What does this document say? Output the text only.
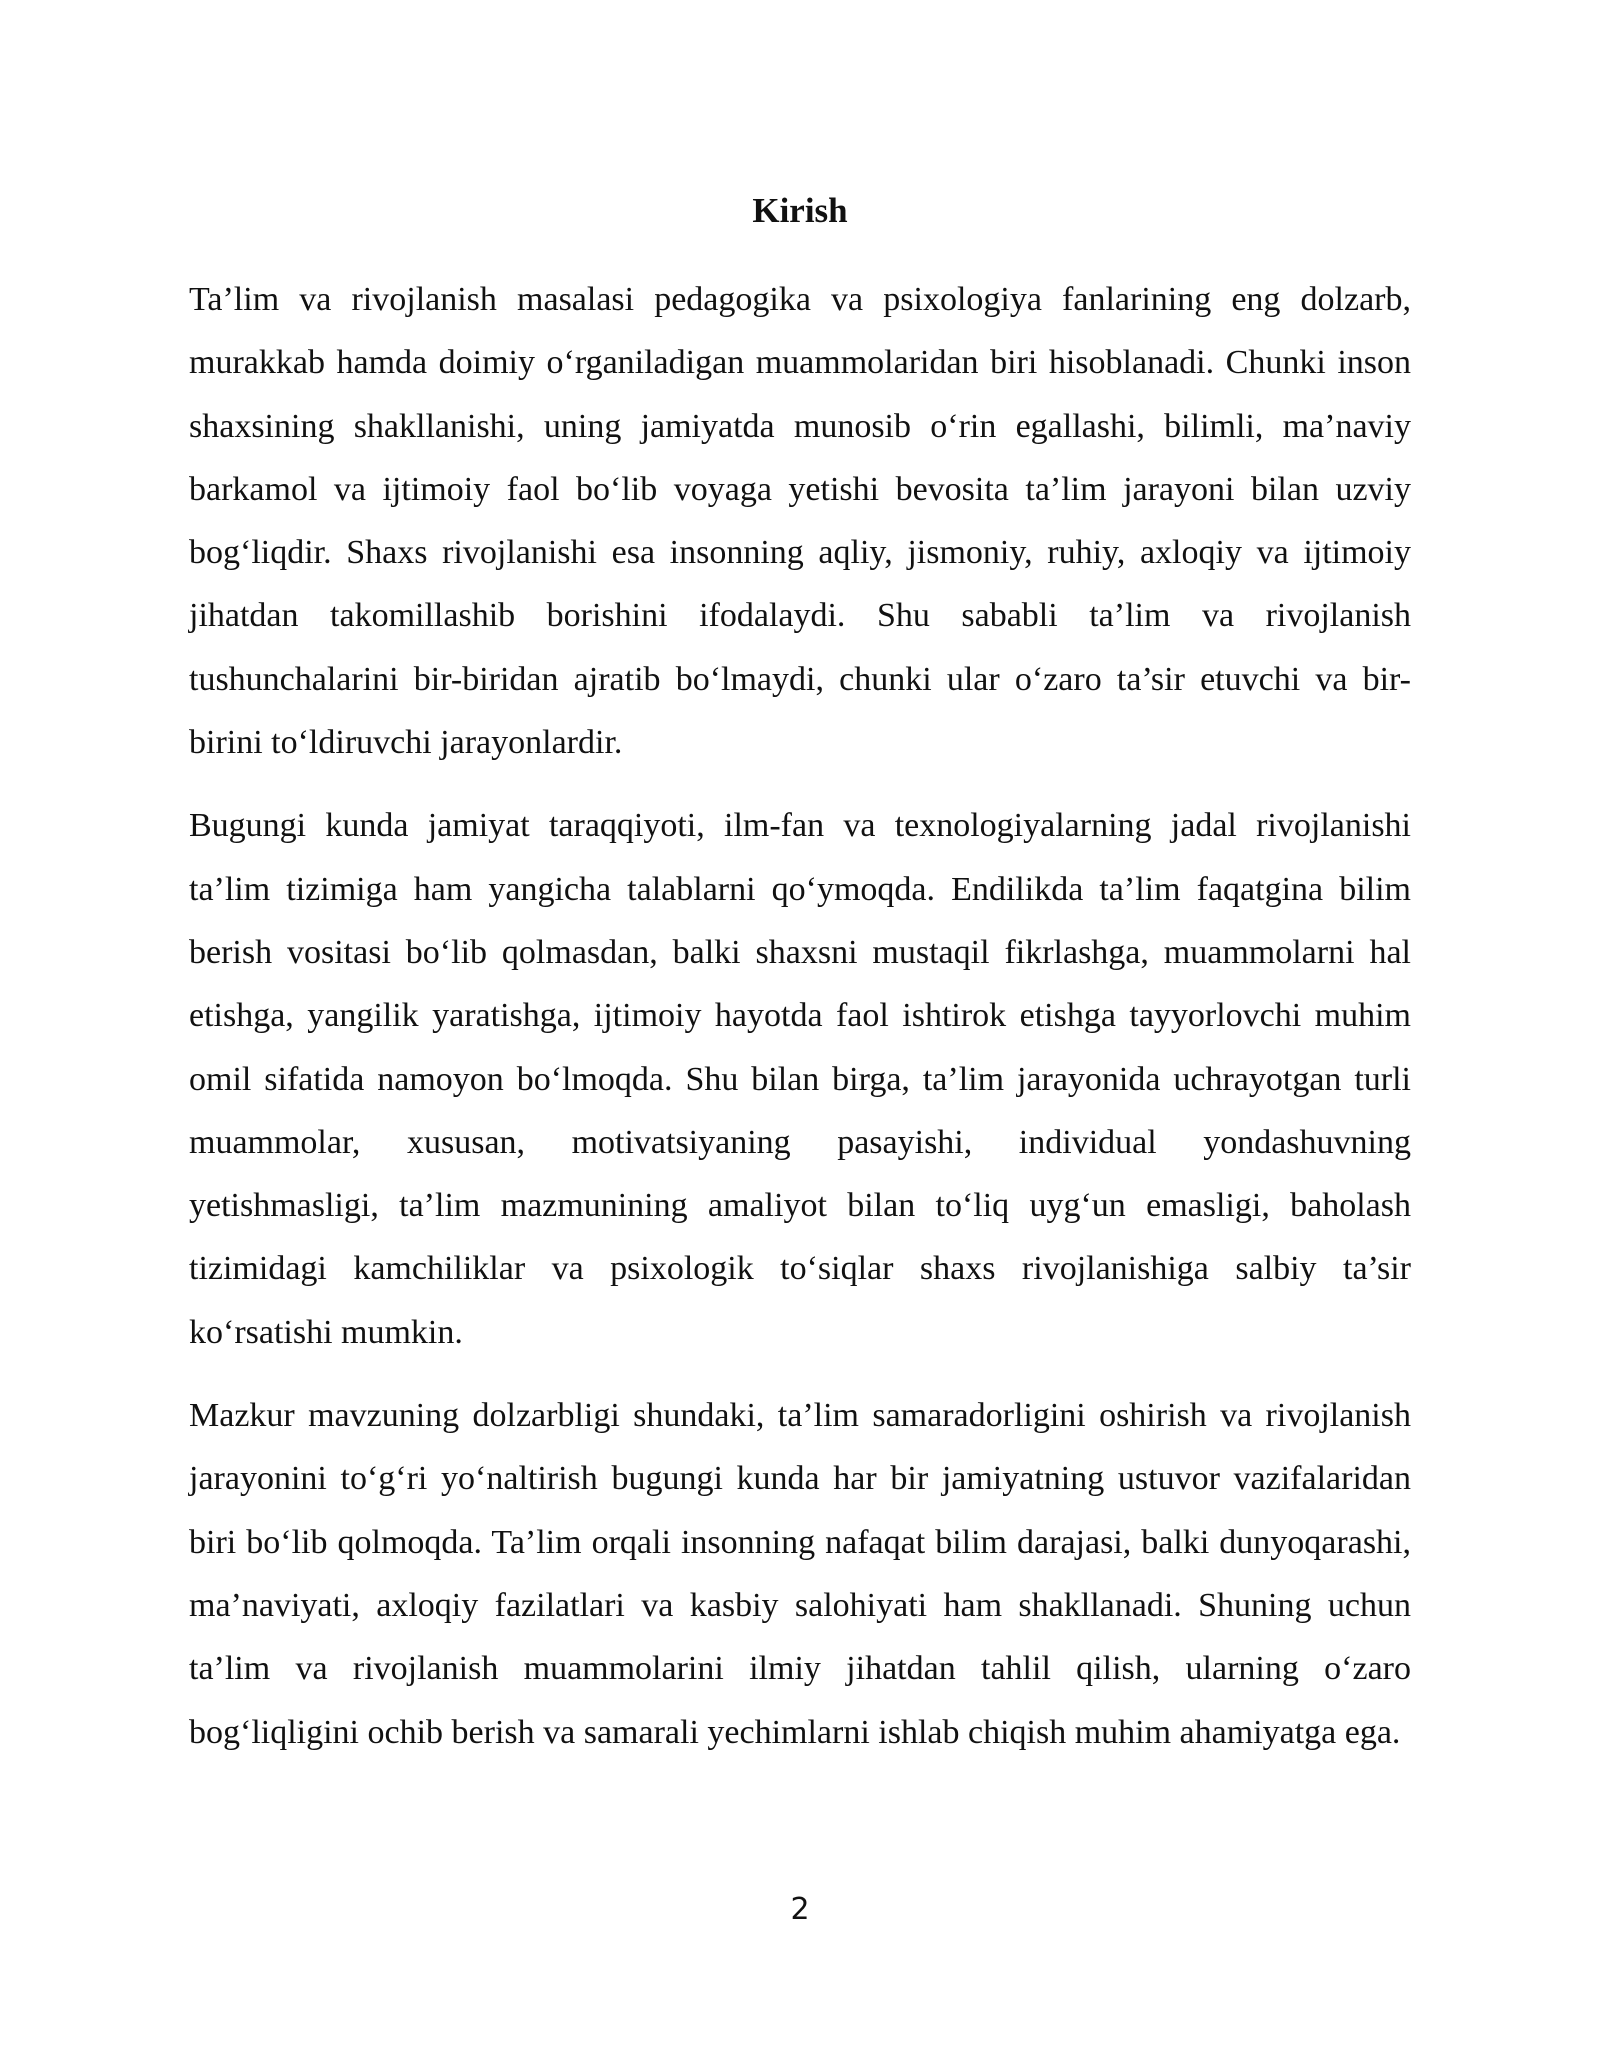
Kirish

Ta’lim va rivojlanish masalasi pedagogika va psixologiya fanlarining eng dolzarb, murakkab hamda doimiy o‘rganiladigan muammolaridan biri hisoblanadi. Chunki inson shaxsining shakllanishi, uning jamiyatda munosib o‘rin egallashi, bilimli, ma’naviy barkamol va ijtimoiy faol bo‘lib voyaga yetishi bevosita ta’lim jarayoni bilan uzviy bog‘liqdir. Shaxs rivojlanishi esa insonning aqliy, jismoniy, ruhiy, axloqiy va ijtimoiy jihatdan takomillashib borishini ifodalaydi. Shu sababli ta’lim va rivojlanish tushunchalarini bir-biridan ajratib bo‘lmaydi, chunki ular o‘zaro ta’sir etuvchi va bir-birini to‘ldiruvchi jarayonlardir.

Bugungi kunda jamiyat taraqqiyoti, ilm-fan va texnologiyalarning jadal rivojlanishi ta’lim tizimiga ham yangicha talablarni qo‘ymoqda. Endilikda ta’lim faqatgina bilim berish vositasi bo‘lib qolmasdan, balki shaxsni mustaqil fikrlashga, muammolarni hal etishga, yangilik yaratishga, ijtimoiy hayotda faol ishtirok etishga tayyorlovchi muhim omil sifatida namoyon bo‘lmoqda. Shu bilan birga, ta’lim jarayonida uchrayotgan turli muammolar, xususan, motivatsiyaning pasayishi, individual yondashuvning yetishmasligi, ta’lim mazmunining amaliyot bilan to‘liq uyg‘un emasligi, baholash tizimidagi kamchiliklar va psixologik to‘siqlar shaxs rivojlanishiga salbiy ta’sir ko‘rsatishi mumkin.

Mazkur mavzuning dolzarbligi shundaki, ta’lim samaradorligini oshirish va rivojlanish jarayonini to‘g‘ri yo‘naltirish bugungi kunda har bir jamiyatning ustuvor vazifalaridan biri bo‘lib qolmoqda. Ta’lim orqali insonning nafaqat bilim darajasi, balki dunyoqarashi, ma’naviyati, axloqiy fazilatlari va kasbiy salohiyati ham shakllanadi. Shuning uchun ta’lim va rivojlanish muammolarini ilmiy jihatdan tahlil qilish, ularning o‘zaro bog‘liqligini ochib berish va samarali yechimlarni ishlab chiqish muhim ahamiyatga ega.

2
